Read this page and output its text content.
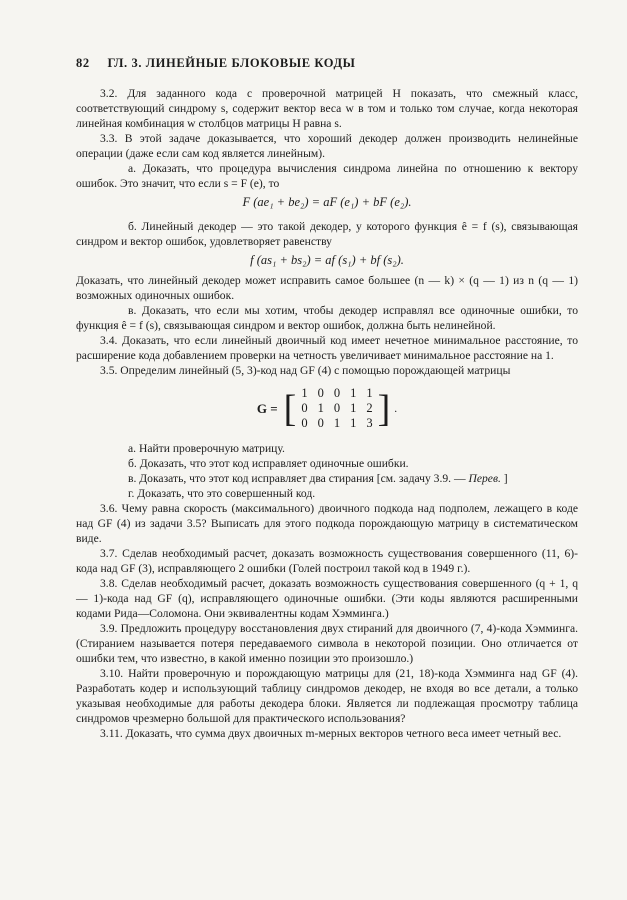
82 ГЛ. 3. ЛИНЕЙНЫЕ БЛОКОВЫЕ КОДЫ

3.2. Для заданного кода с проверочной матрицей H показать, что смежный класс, соответствующий синдрому s, содержит вектор веса w в том и только том случае, когда некоторая линейная комбинация w столбцов матрицы H равна s.

3.3. В этой задаче доказывается, что хороший декодер должен производить нелинейные операции (даже если сам код является линейным).

а. Доказать, что процедура вычисления синдрома линейна по отношению к вектору ошибок. Это значит, что если s = F (e), то

F (ae₁ + be₂) = aF (e₁) + bF (e₂).

б. Линейный декодер — это такой декодер, у которого функция ê = f (s), связывающая синдром и вектор ошибок, удовлетворяет равенству

f (as₁ + bs₂) = af (s₁) + bf (s₂).

Доказать, что линейный декодер может исправить самое большее (n — k) × (q — 1) из n (q — 1) возможных одиночных ошибок.

в. Доказать, что если мы хотим, чтобы декодер исправлял все одиночные ошибки, то функция ê = f (s), связывающая синдром и вектор ошибок, должна быть нелинейной.

3.4. Доказать, что если линейный двоичный код имеет нечетное минимальное расстояние, то расширение кода добавлением проверки на четность увеличивает минимальное расстояние на 1.

3.5. Определим линейный (5, 3)-код над GF (4) с помощью порождающей матрицы

G = [ 1	0	0	1	1
0	1	0	1	2
0	0	1	1	3 ] .

а. Найти проверочную матрицу.

б. Доказать, что этот код исправляет одиночные ошибки.

в. Доказать, что этот код исправляет два стирания [см. задачу 3.9. — Перев. ]

г. Доказать, что это совершенный код.

3.6. Чему равна скорость (максимального) двоичного подкода над подполем, лежащего в коде над GF (4) из задачи 3.5? Выписать для этого подкода порождающую матрицу в систематическом виде.

3.7. Сделав необходимый расчет, доказать возможность существования совершенного (11, 6)-кода над GF (3), исправляющего 2 ошибки (Голей построил такой код в 1949 г.).

3.8. Сделав необходимый расчет, доказать возможность существования совершенного (q + 1, q — 1)-кода над GF (q), исправляющего одиночные ошибки. (Эти коды являются расширенными кодами Рида—Соломона. Они эквивалентны кодам Хэмминга.)

3.9. Предложить процедуру восстановления двух стираний для двоичного (7, 4)-кода Хэмминга. (Стиранием называется потеря передаваемого символа в некоторой позиции. Оно отличается от ошибки тем, что известно, в какой именно позиции это произошло.)

3.10. Найти проверочную и порождающую матрицы для (21, 18)-кода Хэмминга над GF (4). Разработать кодер и использующий таблицу синдромов декодер, не входя во все детали, а только указывая необходимые для работы декодера блоки. Является ли подлежащая просмотру таблица синдромов чрезмерно большой для практического использования?

3.11. Доказать, что сумма двух двоичных m-мерных векторов четного веса имеет четный вес.
